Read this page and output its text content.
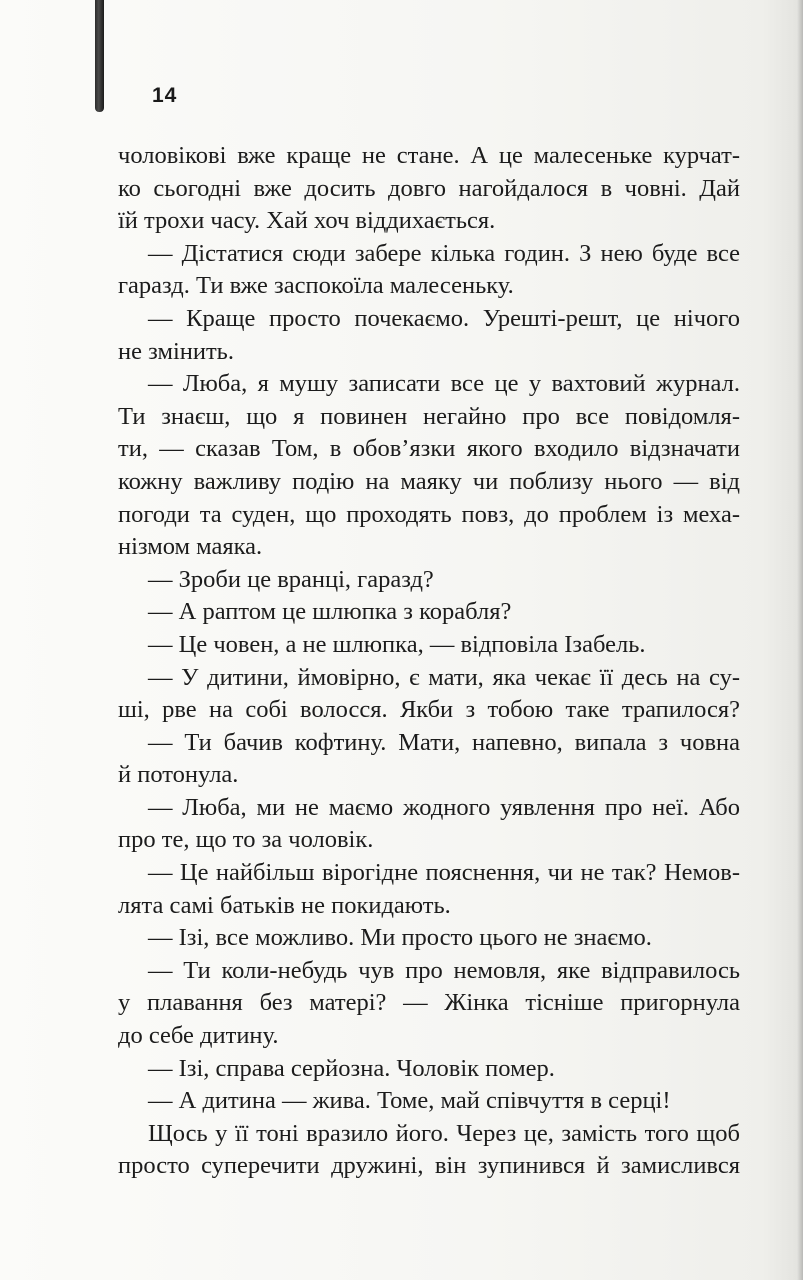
14
чоловікові вже краще не стане. А це малесеньке курчат-
ко сьогодні вже досить довго нагойдалося в човні. Дай
їй трохи часу. Хай хоч віддихається.
— Дістатися сюди забере кілька годин. З нею буде все
гаразд. Ти вже заспокоїла малесеньку.
— Краще просто почекаємо. Урешті-решт, це нічого
не змінить.
— Люба, я мушу записати все це у вахтовий журнал.
Ти знаєш, що я повинен негайно про все повідомля-
ти, — сказав Том, в обов’язки якого входило відзначати
кожну важливу подію на маяку чи поблизу нього — від
погоди та суден, що проходять повз, до проблем із меха-
нізмом маяка.
— Зроби це вранці, гаразд?
— А раптом це шлюпка з корабля?
— Це човен, а не шлюпка, — відповіла Ізабель.
— У дитини, ймовірно, є мати, яка чекає її десь на су-
ші, рве на собі волосся. Якби з тобою таке трапилося?
— Ти бачив кофтину. Мати, напевно, випала з човна
й потонула.
— Люба, ми не маємо жодного уявлення про неї. Або
про те, що то за чоловік.
— Це найбільш вірогідне пояснення, чи не так? Немов-
лята самі батьків не покидають.
— Ізі, все можливо. Ми просто цього не знаємо.
— Ти коли-небудь чув про немовля, яке відправилось
у плавання без матері? — Жінка тісніше пригорнула
до себе дитину.
— Ізі, справа серйозна. Чоловік помер.
— А дитина — жива. Томе, май співчуття в серці!
Щось у її тоні вразило його. Через це, замість того щоб
просто суперечити дружині, він зупинився й замислився
